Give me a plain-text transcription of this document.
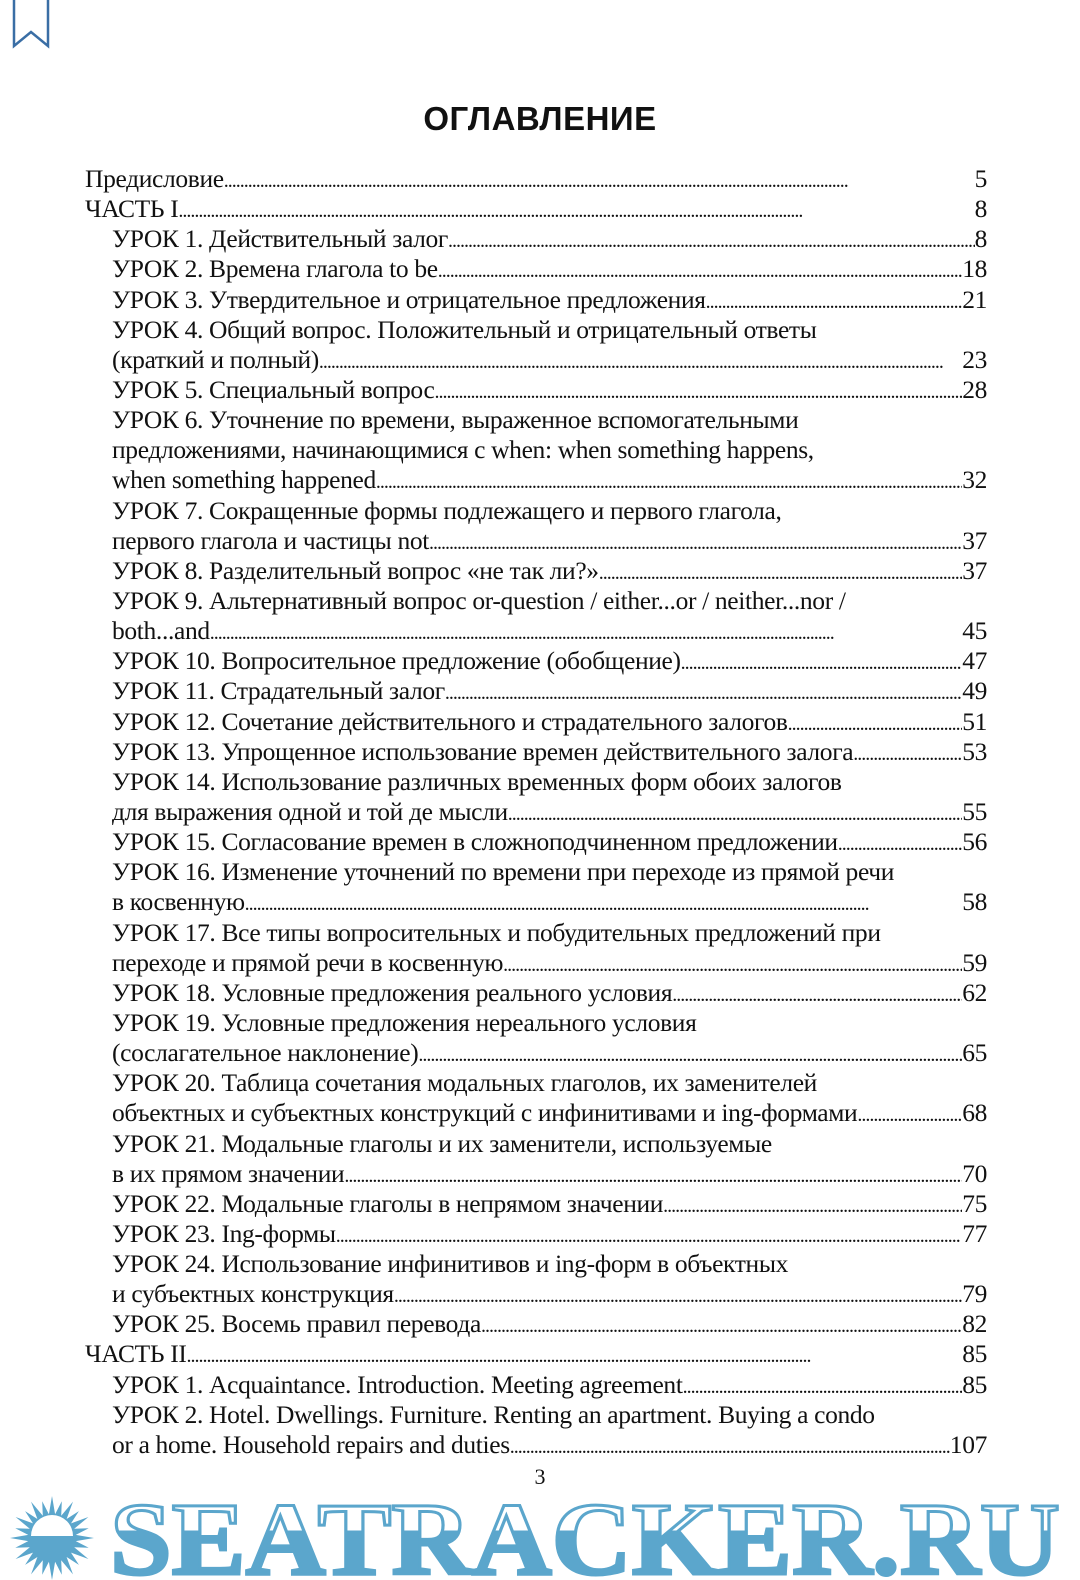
ОГЛАВЛЕНИЕ
Предисловие . . .	5
ЧАСТЬ I . . .	8
УРОК 1. Действительный залог . . .	8
УРОК 2. Времена глагола to be . . .	18
УРОК 3. Утвердительное и отрицательное предложения . . .	21
УРОК 4. Общий вопрос. Положительный и отрицательный ответы
(краткий и полный) . . .	23
УРОК 5. Специальный вопрос . . .	28
УРОК 6. Уточнение по времени, выраженное вспомогательными
предложениями, начинающимися с when: when something happens,
when something happened . . .	32
УРОК 7. Сокращенные формы подлежащего и первого глагола,
первого глагола и частицы not . . .	37
УРОК 8. Разделительный вопрос «не так ли?» . . .	37
УРОК 9. Альтернативный вопрос or-question / either...or / neither...nor /
both...and . . .	45
УРОК 10. Вопросительное предложение (обобщение) . . .	47
УРОК 11. Страдательный залог . . .	49
УРОК 12. Сочетание действительного и страдательного залогов . . .	51
УРОК 13. Упрощенное использование времен действительного залога . . .	53
УРОК 14. Использование различных временных форм обоих залогов
для выражения одной и той де мысли . . .	55
УРОК 15. Согласование времен в сложноподчиненном предложении . . .	56
УРОК 16. Изменение уточнений по времени при переходе из прямой речи
в косвенную . . .	58
УРОК 17. Все типы вопросительных и побудительных предложений при
переходе и прямой речи в косвенную . . .	59
УРОК 18. Условные предложения реального условия . . .	62
УРОК 19. Условные предложения нереального условия
(сослагательное наклонение) . . .	65
УРОК 20. Таблица сочетания модальных глаголов, их заменителей
объектных и субъектных конструкций с инфинитивами и ing-формами . . .	68
УРОК 21. Модальные глаголы и их заменители, используемые
в их прямом значении . . .	70
УРОК 22. Модальные глаголы в непрямом значении . . .	75
УРОК 23. Ing-формы . . .	77
УРОК 24. Использование инфинитивов и ing-форм в объектных
и субъектных конструкция . . .	79
УРОК 25. Восемь правил перевода . . .	82
ЧАСТЬ II . . .	85
УРОК 1. Acquaintance. Introduction. Meeting agreement . . .	85
УРОК 2. Hotel. Dwellings. Furniture. Renting an apartment. Buying a condo
or a home. Household repairs and duties . . .	107
3
SEATRACKER.RU
